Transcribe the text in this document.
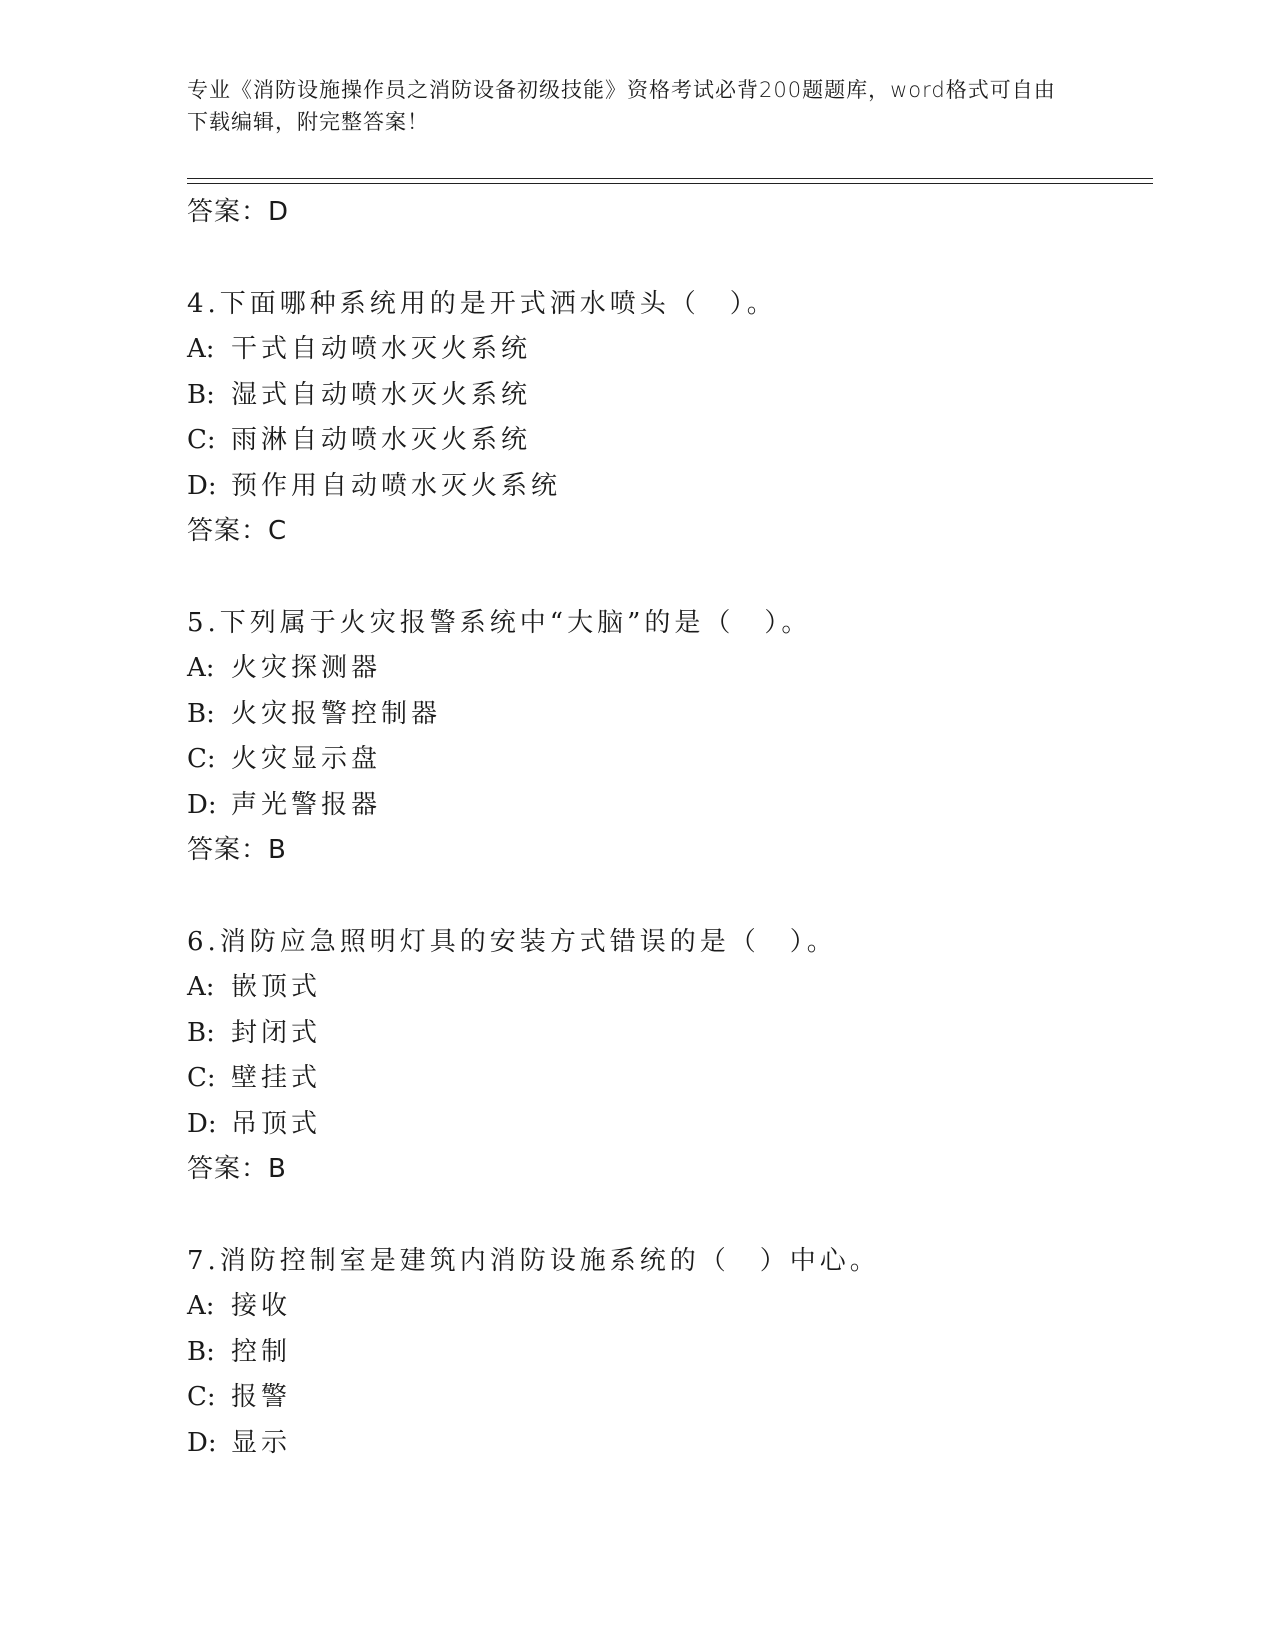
专业《消防设施操作员之消防设备初级技能》资格考试必背200题题库，word格式可自由下载编辑，附完整答案！
答案：D
4.下面哪种系统用的是开式洒水喷头（　）。
A: 干式自动喷水灭火系统
B: 湿式自动喷水灭火系统
C: 雨淋自动喷水灭火系统
D: 预作用自动喷水灭火系统
答案：C
5.下列属于火灾报警系统中“大脑”的是（　）。
A: 火灾探测器
B: 火灾报警控制器
C: 火灾显示盘
D: 声光警报器
答案：B
6.消防应急照明灯具的安装方式错误的是（　）。
A: 嵌顶式
B: 封闭式
C: 壁挂式
D: 吊顶式
答案：B
7.消防控制室是建筑内消防设施系统的（　）中心。
A: 接收
B: 控制
C: 报警
D: 显示
